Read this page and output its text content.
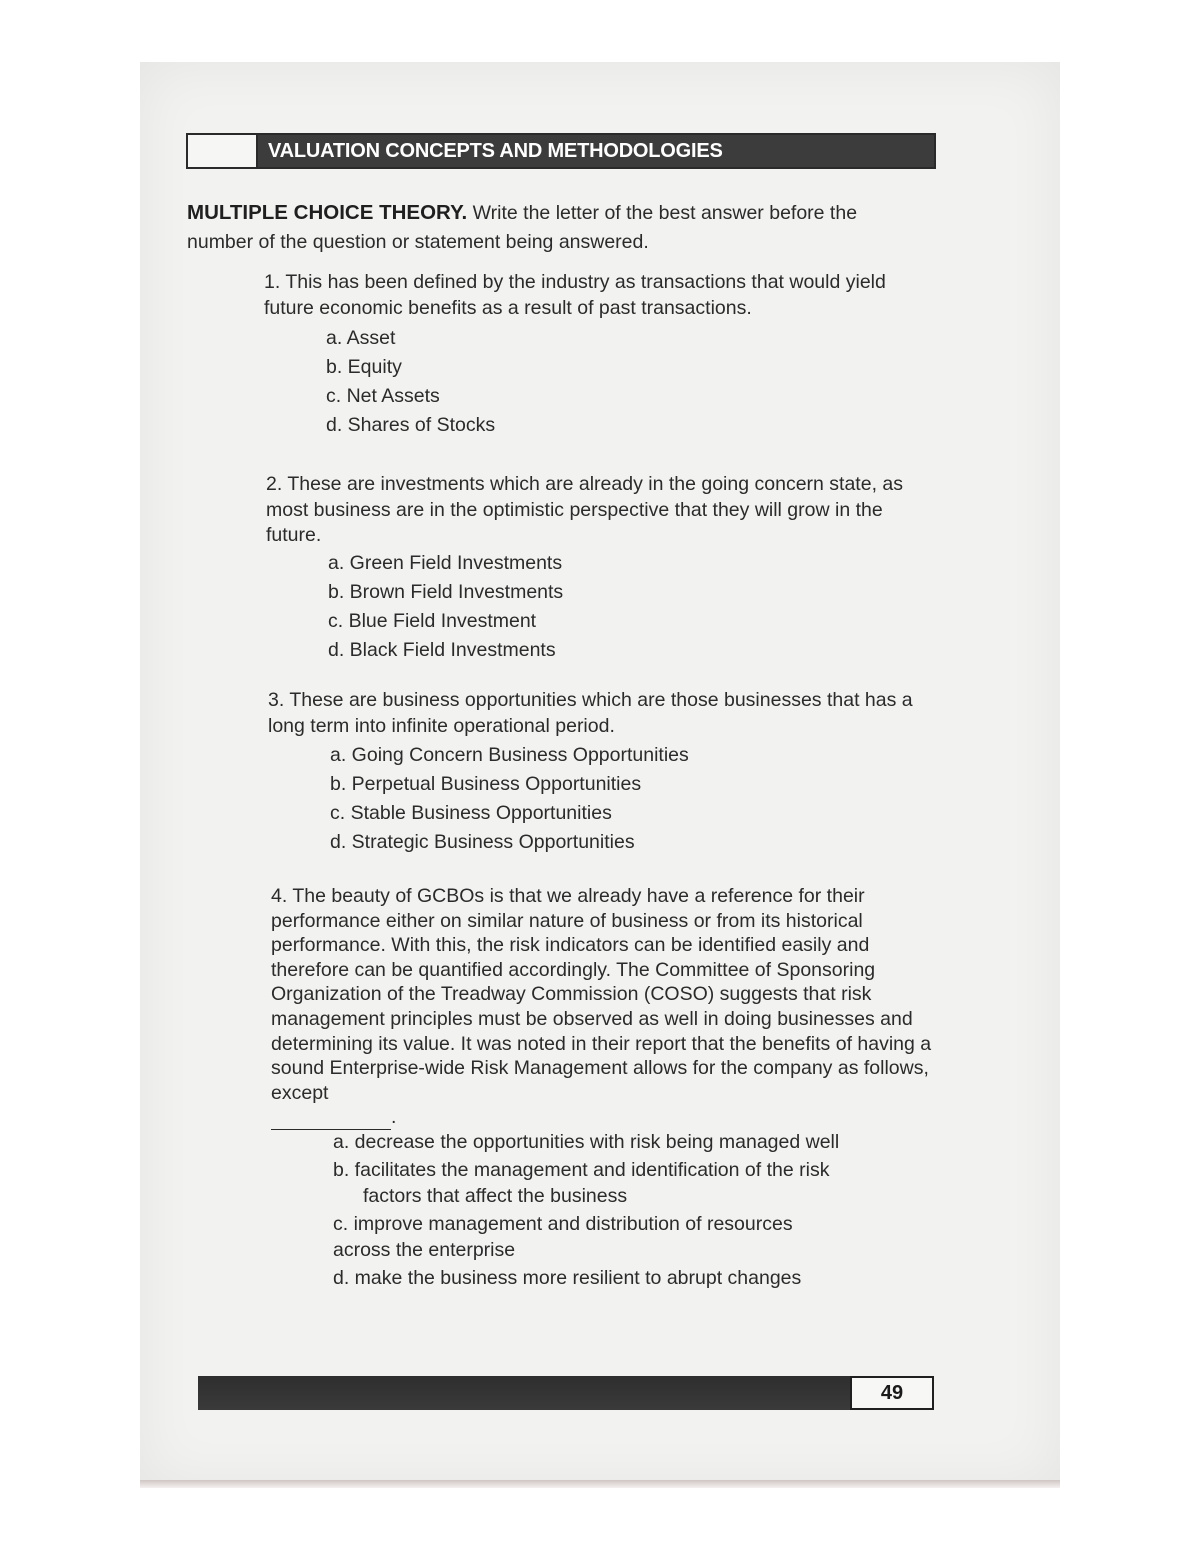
VALUATION CONCEPTS AND METHODOLOGIES
MULTIPLE CHOICE THEORY. Write the letter of the best answer before the number of the question or statement being answered.

1. This has been defined by the industry as transactions that would yield future economic benefits as a result of past transactions.

a. Asset
b. Equity
c. Net Assets
d. Shares of Stocks

2. These are investments which are already in the going concern state, as most business are in the optimistic perspective that they will grow in the future.

a. Green Field Investments
b. Brown Field Investments
c. Blue Field Investment
d. Black Field Investments

3. These are business opportunities which are those businesses that has a long term into infinite operational period.

a. Going Concern Business Opportunities
b. Perpetual Business Opportunities
c. Stable Business Opportunities
d. Strategic Business Opportunities

4. The beauty of GCBOs is that we already have a reference for their performance either on similar nature of business or from its historical performance. With this, the risk indicators can be identified easily and therefore can be quantified accordingly. The Committee of Sponsoring Organization of the Treadway Commission (COSO) suggests that risk management principles must be observed as well in doing businesses and determining its value. It was noted in their report that the benefits of having a sound Enterprise-wide Risk Management allows for the company as follows, except
.

a. decrease the opportunities with risk being managed well
b. facilitates the management and identification of the risk
factors that affect the business
c. improve management and distribution of resources across the enterprise
d. make the business more resilient to abrupt changes
49
